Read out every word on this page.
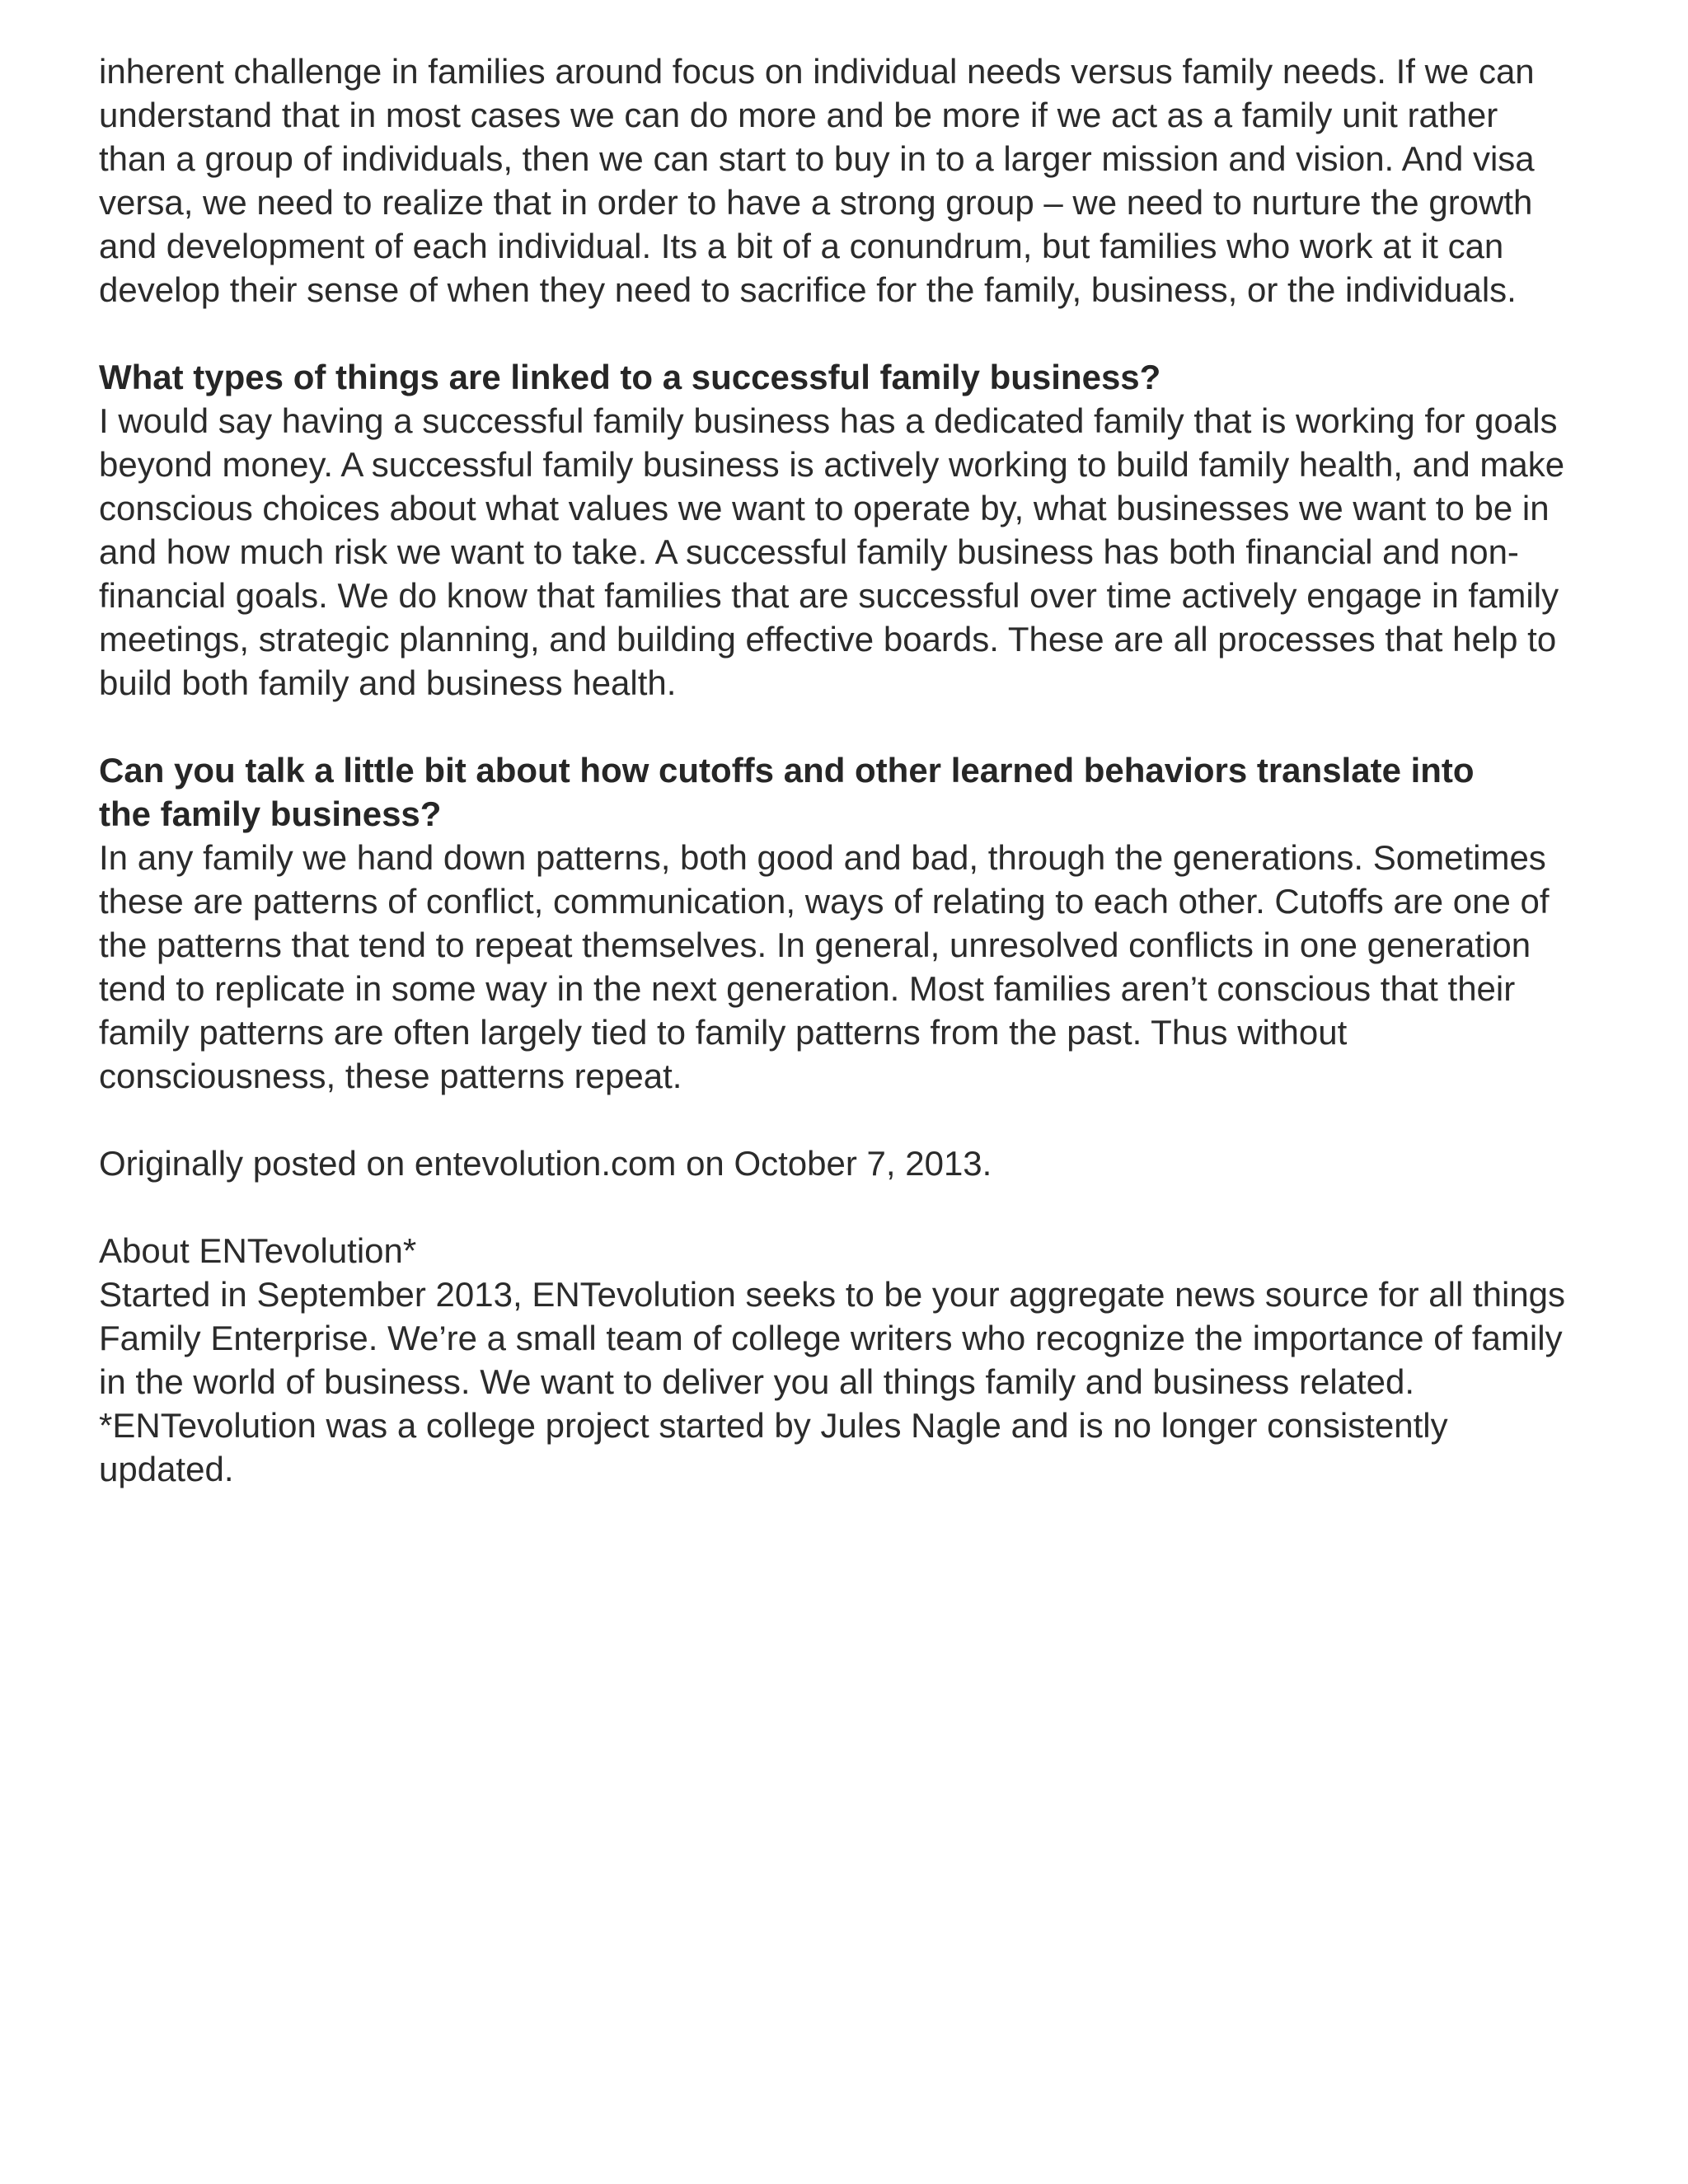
inherent challenge in families around focus on individual needs versus family needs. If we can
understand that in most cases we can do more and be more if we act as a family unit rather
than a group of individuals, then we can start to buy in to a larger mission and vision. And visa
versa, we need to realize that in order to have a strong group – we need to nurture the growth
and development of each individual. Its a bit of a conundrum, but families who work at it can
develop their sense of when they need to sacrifice for the family, business, or the individuals.

What types of things are linked to a successful family business?

I would say having a successful family business has a dedicated family that is working for goals
beyond money. A successful family business is actively working to build family health, and make
conscious choices about what values we want to operate by, what businesses we want to be in
and how much risk we want to take. A successful family business has both financial and non-
financial goals. We do know that families that are successful over time actively engage in family
meetings, strategic planning, and building effective boards. These are all processes that help to
build both family and business health.

Can you talk a little bit about how cutoffs and other learned behaviors translate into
the family business?

In any family we hand down patterns, both good and bad, through the generations. Sometimes
these are patterns of conflict, communication, ways of relating to each other. Cutoffs are one of
the patterns that tend to repeat themselves. In general, unresolved conflicts in one generation
tend to replicate in some way in the next generation. Most families aren’t conscious that their
family patterns are often largely tied to family patterns from the past. Thus without
consciousness, these patterns repeat.

Originally posted on entevolution.com on October 7, 2013.

About ENTevolution*

Started in September 2013, ENTevolution seeks to be your aggregate news source for all things
Family Enterprise. We’re a small team of college writers who recognize the importance of family
in the world of business. We want to deliver you all things family and business related.
*ENTevolution was a college project started by Jules Nagle and is no longer consistently
updated.
